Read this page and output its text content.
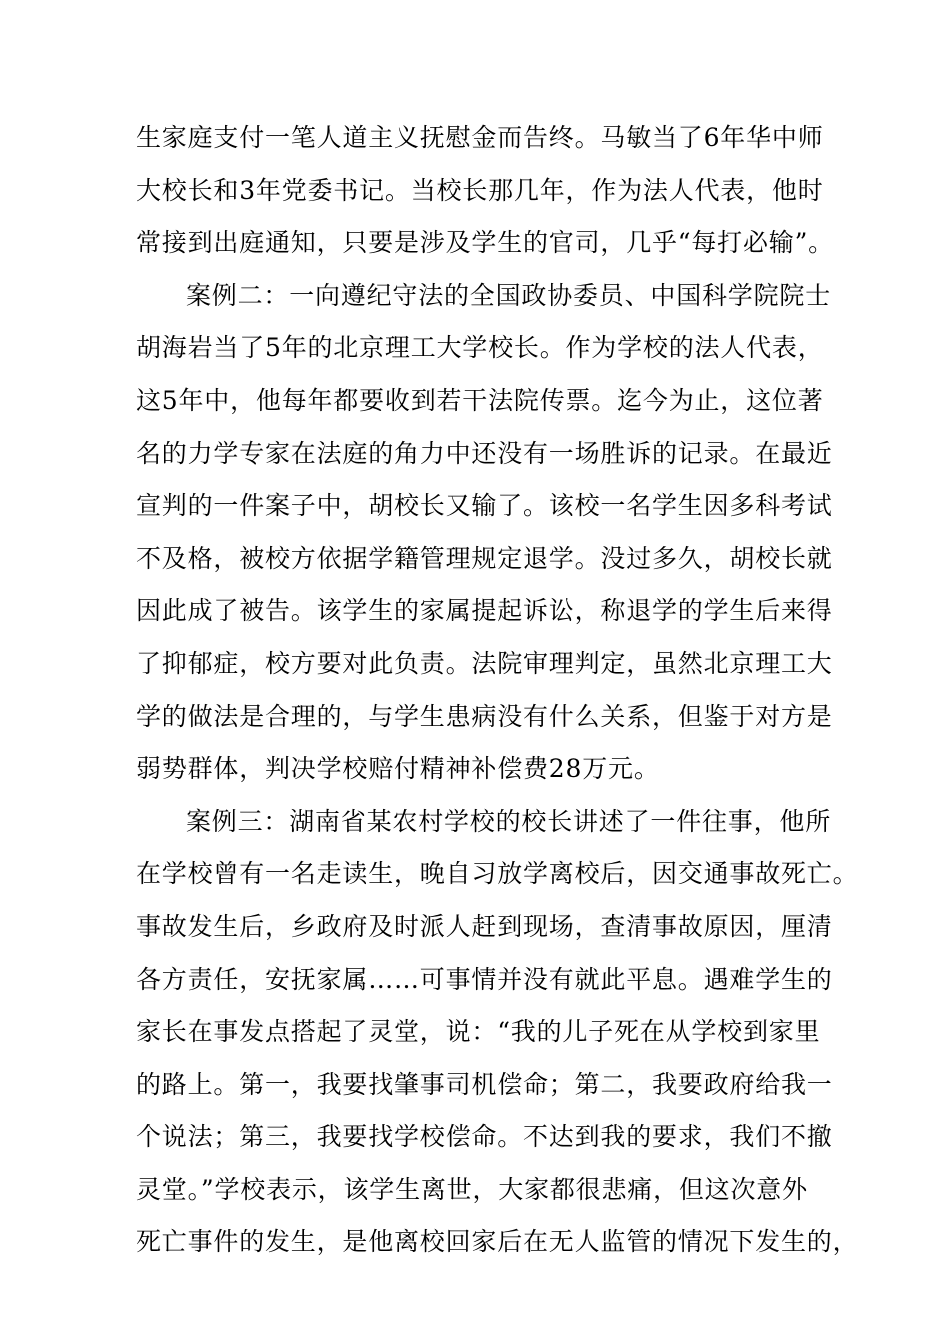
生家庭支付一笔人道主义抚慰金而告终。马敏当了6年华中师
大校长和3年党委书记。当校长那几年，作为法人代表，他时
常接到出庭通知，只要是涉及学生的官司，几乎“每打必输”。
案例二：一向遵纪守法的全国政协委员、中国科学院院士
胡海岩当了5年的北京理工大学校长。作为学校的法人代表，
这5年中，他每年都要收到若干法院传票。迄今为止，这位著
名的力学专家在法庭的角力中还没有一场胜诉的记录。在最近
宣判的一件案子中，胡校长又输了。该校一名学生因多科考试
不及格，被校方依据学籍管理规定退学。没过多久，胡校长就
因此成了被告。该学生的家属提起诉讼，称退学的学生后来得
了抑郁症，校方要对此负责。法院审理判定，虽然北京理工大
学的做法是合理的，与学生患病没有什么关系，但鉴于对方是
弱势群体，判决学校赔付精神补偿费28万元。
案例三：湖南省某农村学校的校长讲述了一件往事，他所
在学校曾有一名走读生，晚自习放学离校后，因交通事故死亡。
事故发生后，乡政府及时派人赶到现场，查清事故原因，厘清
各方责任，安抚家属……可事情并没有就此平息。遇难学生的
家长在事发点搭起了灵堂，说：“我的儿子死在从学校到家里
的路上。第一，我要找肇事司机偿命；第二，我要政府给我一
个说法；第三，我要找学校偿命。不达到我的要求，我们不撤
灵堂。”学校表示，该学生离世，大家都很悲痛，但这次意外
死亡事件的发生，是他离校回家后在无人监管的情况下发生的，
